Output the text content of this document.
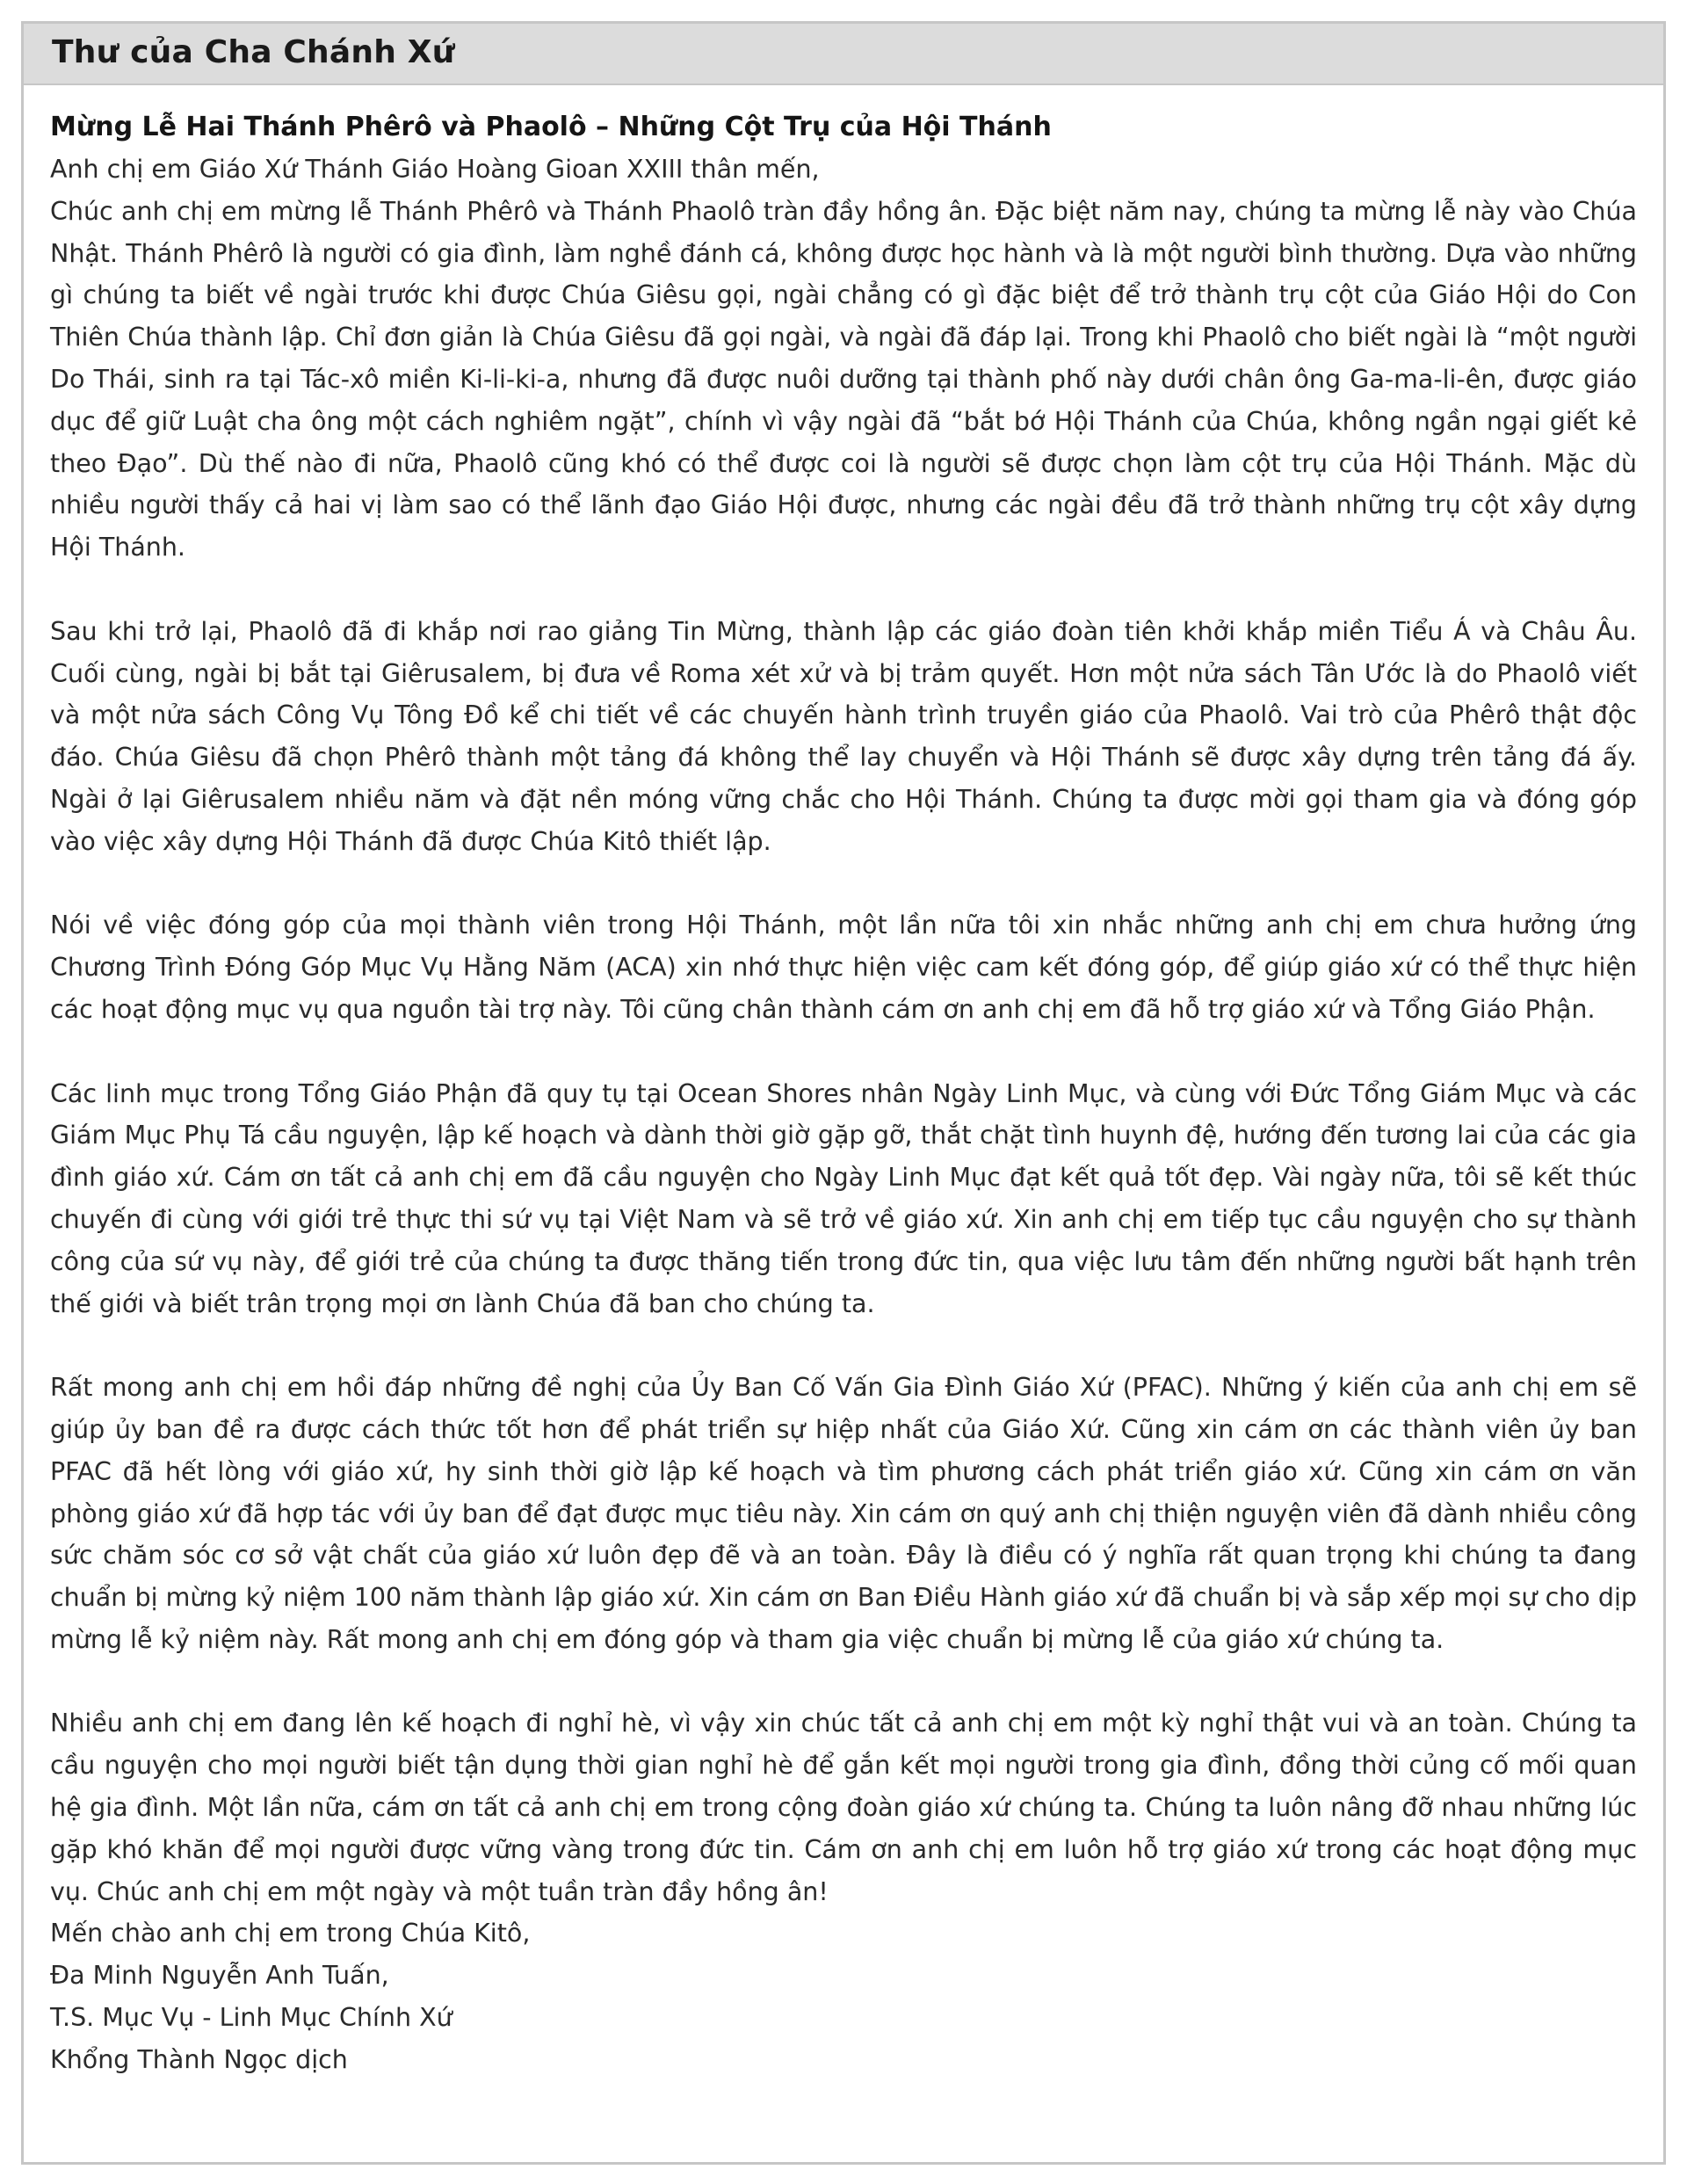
Thư của Cha Chánh Xứ

Mừng Lễ Hai Thánh Phêrô và Phaolô – Những Cột Trụ của Hội Thánh

Anh chị em Giáo Xứ Thánh Giáo Hoàng Gioan XXIII thân mến,

Chúc anh chị em mừng lễ Thánh Phêrô và Thánh Phaolô tràn đầy hồng ân. Đặc biệt năm nay, chúng ta mừng lễ này vào Chúa Nhật. Thánh Phêrô là người có gia đình, làm nghề đánh cá, không được học hành và là một người bình thường. Dựa vào những gì chúng ta biết về ngài trước khi được Chúa Giêsu gọi, ngài chẳng có gì đặc biệt để trở thành trụ cột của Giáo Hội do Con Thiên Chúa thành lập. Chỉ đơn giản là Chúa Giêsu đã gọi ngài, và ngài đã đáp lại. Trong khi Phaolô cho biết ngài là “một người Do Thái, sinh ra tại Tác-xô miền Ki-li-ki-a, nhưng đã được nuôi dưỡng tại thành phố này dưới chân ông Ga-ma-li-ên, được giáo dục để giữ Luật cha ông một cách nghiêm ngặt”, chính vì vậy ngài đã “bắt bớ Hội Thánh của Chúa, không ngần ngại giết kẻ theo Đạo”. Dù thế nào đi nữa, Phaolô cũng khó có thể được coi là người sẽ được chọn làm cột trụ của Hội Thánh. Mặc dù nhiều người thấy cả hai vị làm sao có thể lãnh đạo Giáo Hội được, nhưng các ngài đều đã trở thành những trụ cột xây dựng Hội Thánh.

Sau khi trở lại, Phaolô đã đi khắp nơi rao giảng Tin Mừng, thành lập các giáo đoàn tiên khởi khắp miền Tiểu Á và Châu Âu. Cuối cùng, ngài bị bắt tại Giêrusalem, bị đưa về Roma xét xử và bị trảm quyết. Hơn một nửa sách Tân Ước là do Phaolô viết và một nửa sách Công Vụ Tông Đồ kể chi tiết về các chuyến hành trình truyền giáo của Phaolô. Vai trò của Phêrô thật độc đáo. Chúa Giêsu đã chọn Phêrô thành một tảng đá không thể lay chuyển và Hội Thánh sẽ được xây dựng trên tảng đá ấy. Ngài ở lại Giêrusalem nhiều năm và đặt nền móng vững chắc cho Hội Thánh. Chúng ta được mời gọi tham gia và đóng góp vào việc xây dựng Hội Thánh đã được Chúa Kitô thiết lập.

Nói về việc đóng góp của mọi thành viên trong Hội Thánh, một lần nữa tôi xin nhắc những anh chị em chưa hưởng ứng Chương Trình Đóng Góp Mục Vụ Hằng Năm (ACA) xin nhớ thực hiện việc cam kết đóng góp, để giúp giáo xứ có thể thực hiện các hoạt động mục vụ qua nguồn tài trợ này. Tôi cũng chân thành cám ơn anh chị em đã hỗ trợ giáo xứ và Tổng Giáo Phận.

Các linh mục trong Tổng Giáo Phận đã quy tụ tại Ocean Shores nhân Ngày Linh Mục, và cùng với Đức Tổng Giám Mục và các Giám Mục Phụ Tá cầu nguyện, lập kế hoạch và dành thời giờ gặp gỡ, thắt chặt tình huynh đệ, hướng đến tương lai của các gia đình giáo xứ. Cám ơn tất cả anh chị em đã cầu nguyện cho Ngày Linh Mục đạt kết quả tốt đẹp. Vài ngày nữa, tôi sẽ kết thúc chuyến đi cùng với giới trẻ thực thi sứ vụ tại Việt Nam và sẽ trở về giáo xứ. Xin anh chị em tiếp tục cầu nguyện cho sự thành công của sứ vụ này, để giới trẻ của chúng ta được thăng tiến trong đức tin, qua việc lưu tâm đến những người bất hạnh trên thế giới và biết trân trọng mọi ơn lành Chúa đã ban cho chúng ta.

Rất mong anh chị em hồi đáp những đề nghị của Ủy Ban Cố Vấn Gia Đình Giáo Xứ (PFAC). Những ý kiến của anh chị em sẽ giúp ủy ban đề ra được cách thức tốt hơn để phát triển sự hiệp nhất của Giáo Xứ. Cũng xin cám ơn các thành viên ủy ban PFAC đã hết lòng với giáo xứ, hy sinh thời giờ lập kế hoạch và tìm phương cách phát triển giáo xứ. Cũng xin cám ơn văn phòng giáo xứ đã hợp tác với ủy ban để đạt được mục tiêu này. Xin cám ơn quý anh chị thiện nguyện viên đã dành nhiều công sức chăm sóc cơ sở vật chất của giáo xứ luôn đẹp đẽ và an toàn. Đây là điều có ý nghĩa rất quan trọng khi chúng ta đang chuẩn bị mừng kỷ niệm 100 năm thành lập giáo xứ. Xin cám ơn Ban Điều Hành giáo xứ đã chuẩn bị và sắp xếp mọi sự cho dịp mừng lễ kỷ niệm này. Rất mong anh chị em đóng góp và tham gia việc chuẩn bị mừng lễ của giáo xứ chúng ta.

Nhiều anh chị em đang lên kế hoạch đi nghỉ hè, vì vậy xin chúc tất cả anh chị em một kỳ nghỉ thật vui và an toàn. Chúng ta cầu nguyện cho mọi người biết tận dụng thời gian nghỉ hè để gắn kết mọi người trong gia đình, đồng thời củng cố mối quan hệ gia đình. Một lần nữa, cám ơn tất cả anh chị em trong cộng đoàn giáo xứ chúng ta. Chúng ta luôn nâng đỡ nhau những lúc gặp khó khăn để mọi người được vững vàng trong đức tin. Cám ơn anh chị em luôn hỗ trợ giáo xứ trong các hoạt động mục vụ. Chúc anh chị em một ngày và một tuần tràn đầy hồng ân!

Mến chào anh chị em trong Chúa Kitô,

Đa Minh Nguyễn Anh Tuấn,

T.S. Mục Vụ - Linh Mục Chính Xứ

Khổng Thành Ngọc dịch
